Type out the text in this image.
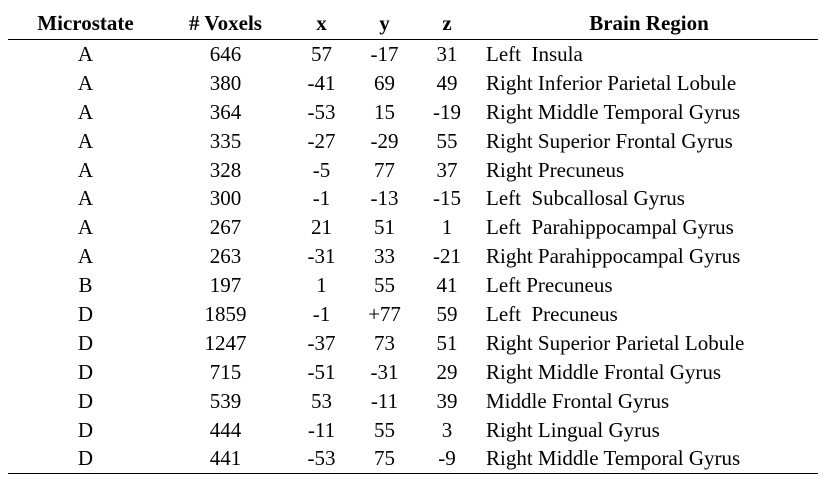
Microstate	# Voxels	x	y	z	Brain Region
A	646	57	-17	31	Left  Insula
A	380	-41	69	49	Right Inferior Parietal Lobule
A	364	-53	15	-19	Right Middle Temporal Gyrus
A	335	-27	-29	55	Right Superior Frontal Gyrus
A	328	-5	77	37	Right Precuneus
A	300	-1	-13	-15	Left  Subcallosal Gyrus
A	267	21	51	1	Left  Parahippocampal Gyrus
A	263	-31	33	-21	Right Parahippocampal Gyrus
B	197	1	55	41	Left Precuneus
D	1859	-1	+77	59	Left  Precuneus
D	1247	-37	73	51	Right Superior Parietal Lobule
D	715	-51	-31	29	Right Middle Frontal Gyrus
D	539	53	-11	39	Middle Frontal Gyrus
D	444	-11	55	3	Right Lingual Gyrus
D	441	-53	75	-9	Right Middle Temporal Gyrus
